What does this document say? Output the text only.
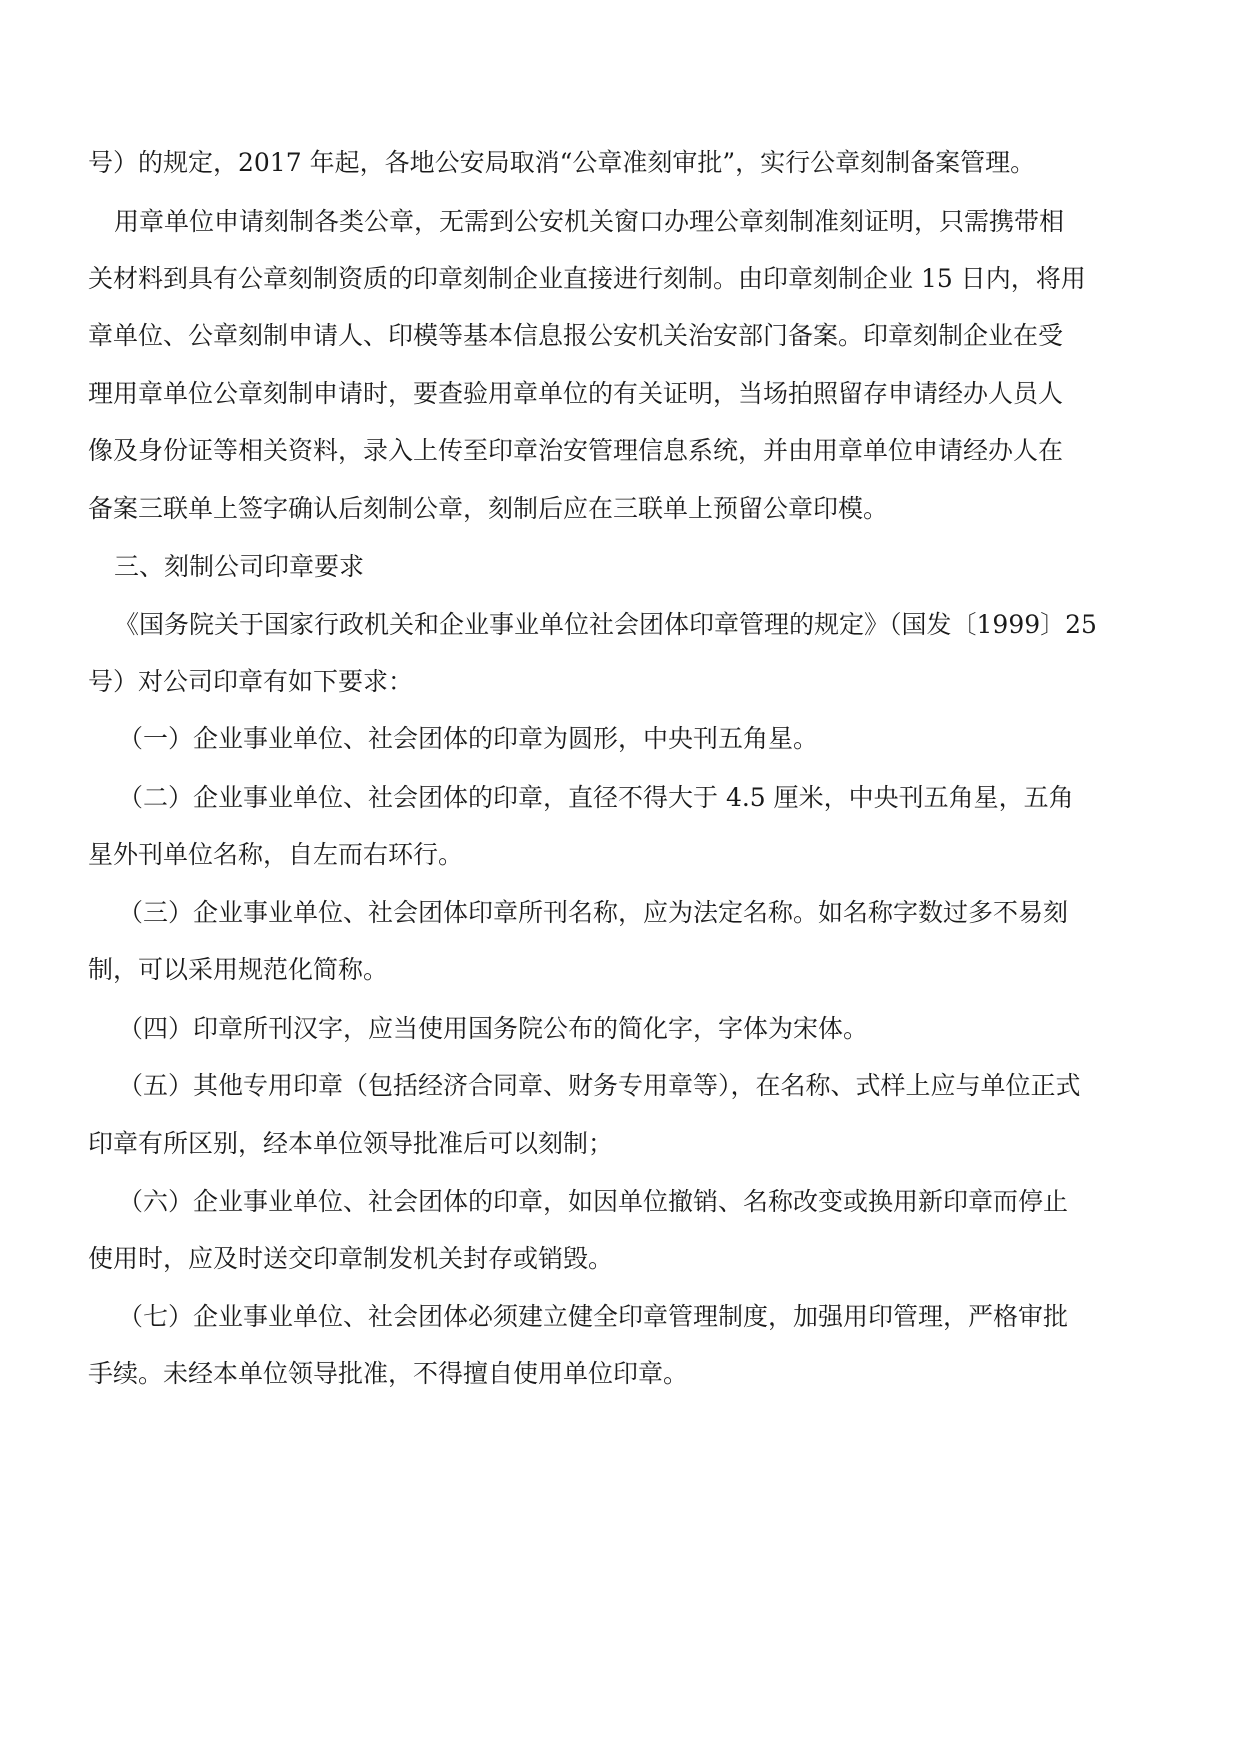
号）的规定，2017 年起，各地公安局取消“公章准刻审批”，实行公章刻制备案管理。

用章单位申请刻制各类公章，无需到公安机关窗口办理公章刻制准刻证明，只需携带相

关材料到具有公章刻制资质的印章刻制企业直接进行刻制。由印章刻制企业 15 日内，将用

章单位、公章刻制申请人、印模等基本信息报公安机关治安部门备案。印章刻制企业在受

理用章单位公章刻制申请时，要查验用章单位的有关证明，当场拍照留存申请经办人员人

像及身份证等相关资料，录入上传至印章治安管理信息系统，并由用章单位申请经办人在

备案三联单上签字确认后刻制公章，刻制后应在三联单上预留公章印模。

三、刻制公司印章要求

《国务院关于国家行政机关和企业事业单位社会团体印章管理的规定》（国发〔1999〕25

号）对公司印章有如下要求：

（一）企业事业单位、社会团体的印章为圆形，中央刊五角星。

（二）企业事业单位、社会团体的印章，直径不得大于 4.5 厘米，中央刊五角星，五角

星外刊单位名称，自左而右环行。

（三）企业事业单位、社会团体印章所刊名称，应为法定名称。如名称字数过多不易刻

制，可以采用规范化简称。

（四）印章所刊汉字，应当使用国务院公布的简化字，字体为宋体。

（五）其他专用印章（包括经济合同章、财务专用章等），在名称、式样上应与单位正式

印章有所区别，经本单位领导批准后可以刻制；

（六）企业事业单位、社会团体的印章，如因单位撤销、名称改变或换用新印章而停止

使用时，应及时送交印章制发机关封存或销毁。

（七）企业事业单位、社会团体必须建立健全印章管理制度，加强用印管理，严格审批

手续。未经本单位领导批准，不得擅自使用单位印章。
